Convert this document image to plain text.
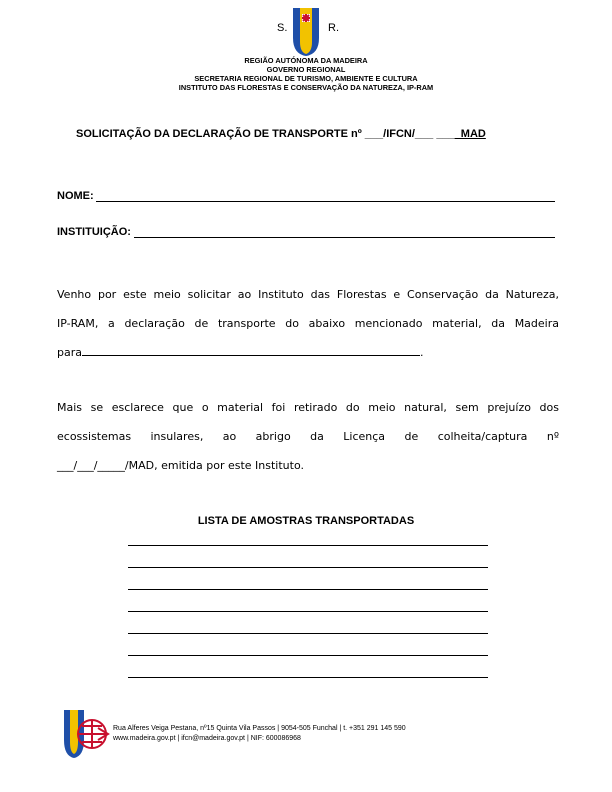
S.	R.
REGIÃO AUTÓNOMA DA MADEIRA
GOVERNO REGIONAL
SECRETARIA REGIONAL DE TURISMO, AMBIENTE E CULTURA
INSTITUTO DAS FLORESTAS E CONSERVAÇÃO DA NATUREZA, IP-RAM
SOLICITAÇÃO DA DECLARAÇÃO DE TRANSPORTE nº ___/IFCN/___ ____MAD
NOME:
INSTITUIÇÃO:
Venho por este meio solicitar ao Instituto das Florestas e Conservação da Natureza,
IP-RAM, a declaração de transporte do abaixo mencionado material, da Madeira
para	.
Mais se esclarece que o material foi retirado do meio natural, sem prejuízo dos
ecossistemas insulares, ao abrigo da Licença de colheita/captura nº
___/___/_____/MAD, emitida por este Instituto.
LISTA DE AMOSTRAS TRANSPORTADAS
Rua Alferes Veiga Pestana, nº15 Quinta Vila Passos | 9054-505 Funchal | t. +351 291 145 590
www.madeira.gov.pt | ifcn@madeira.gov.pt | NIF: 600086968
